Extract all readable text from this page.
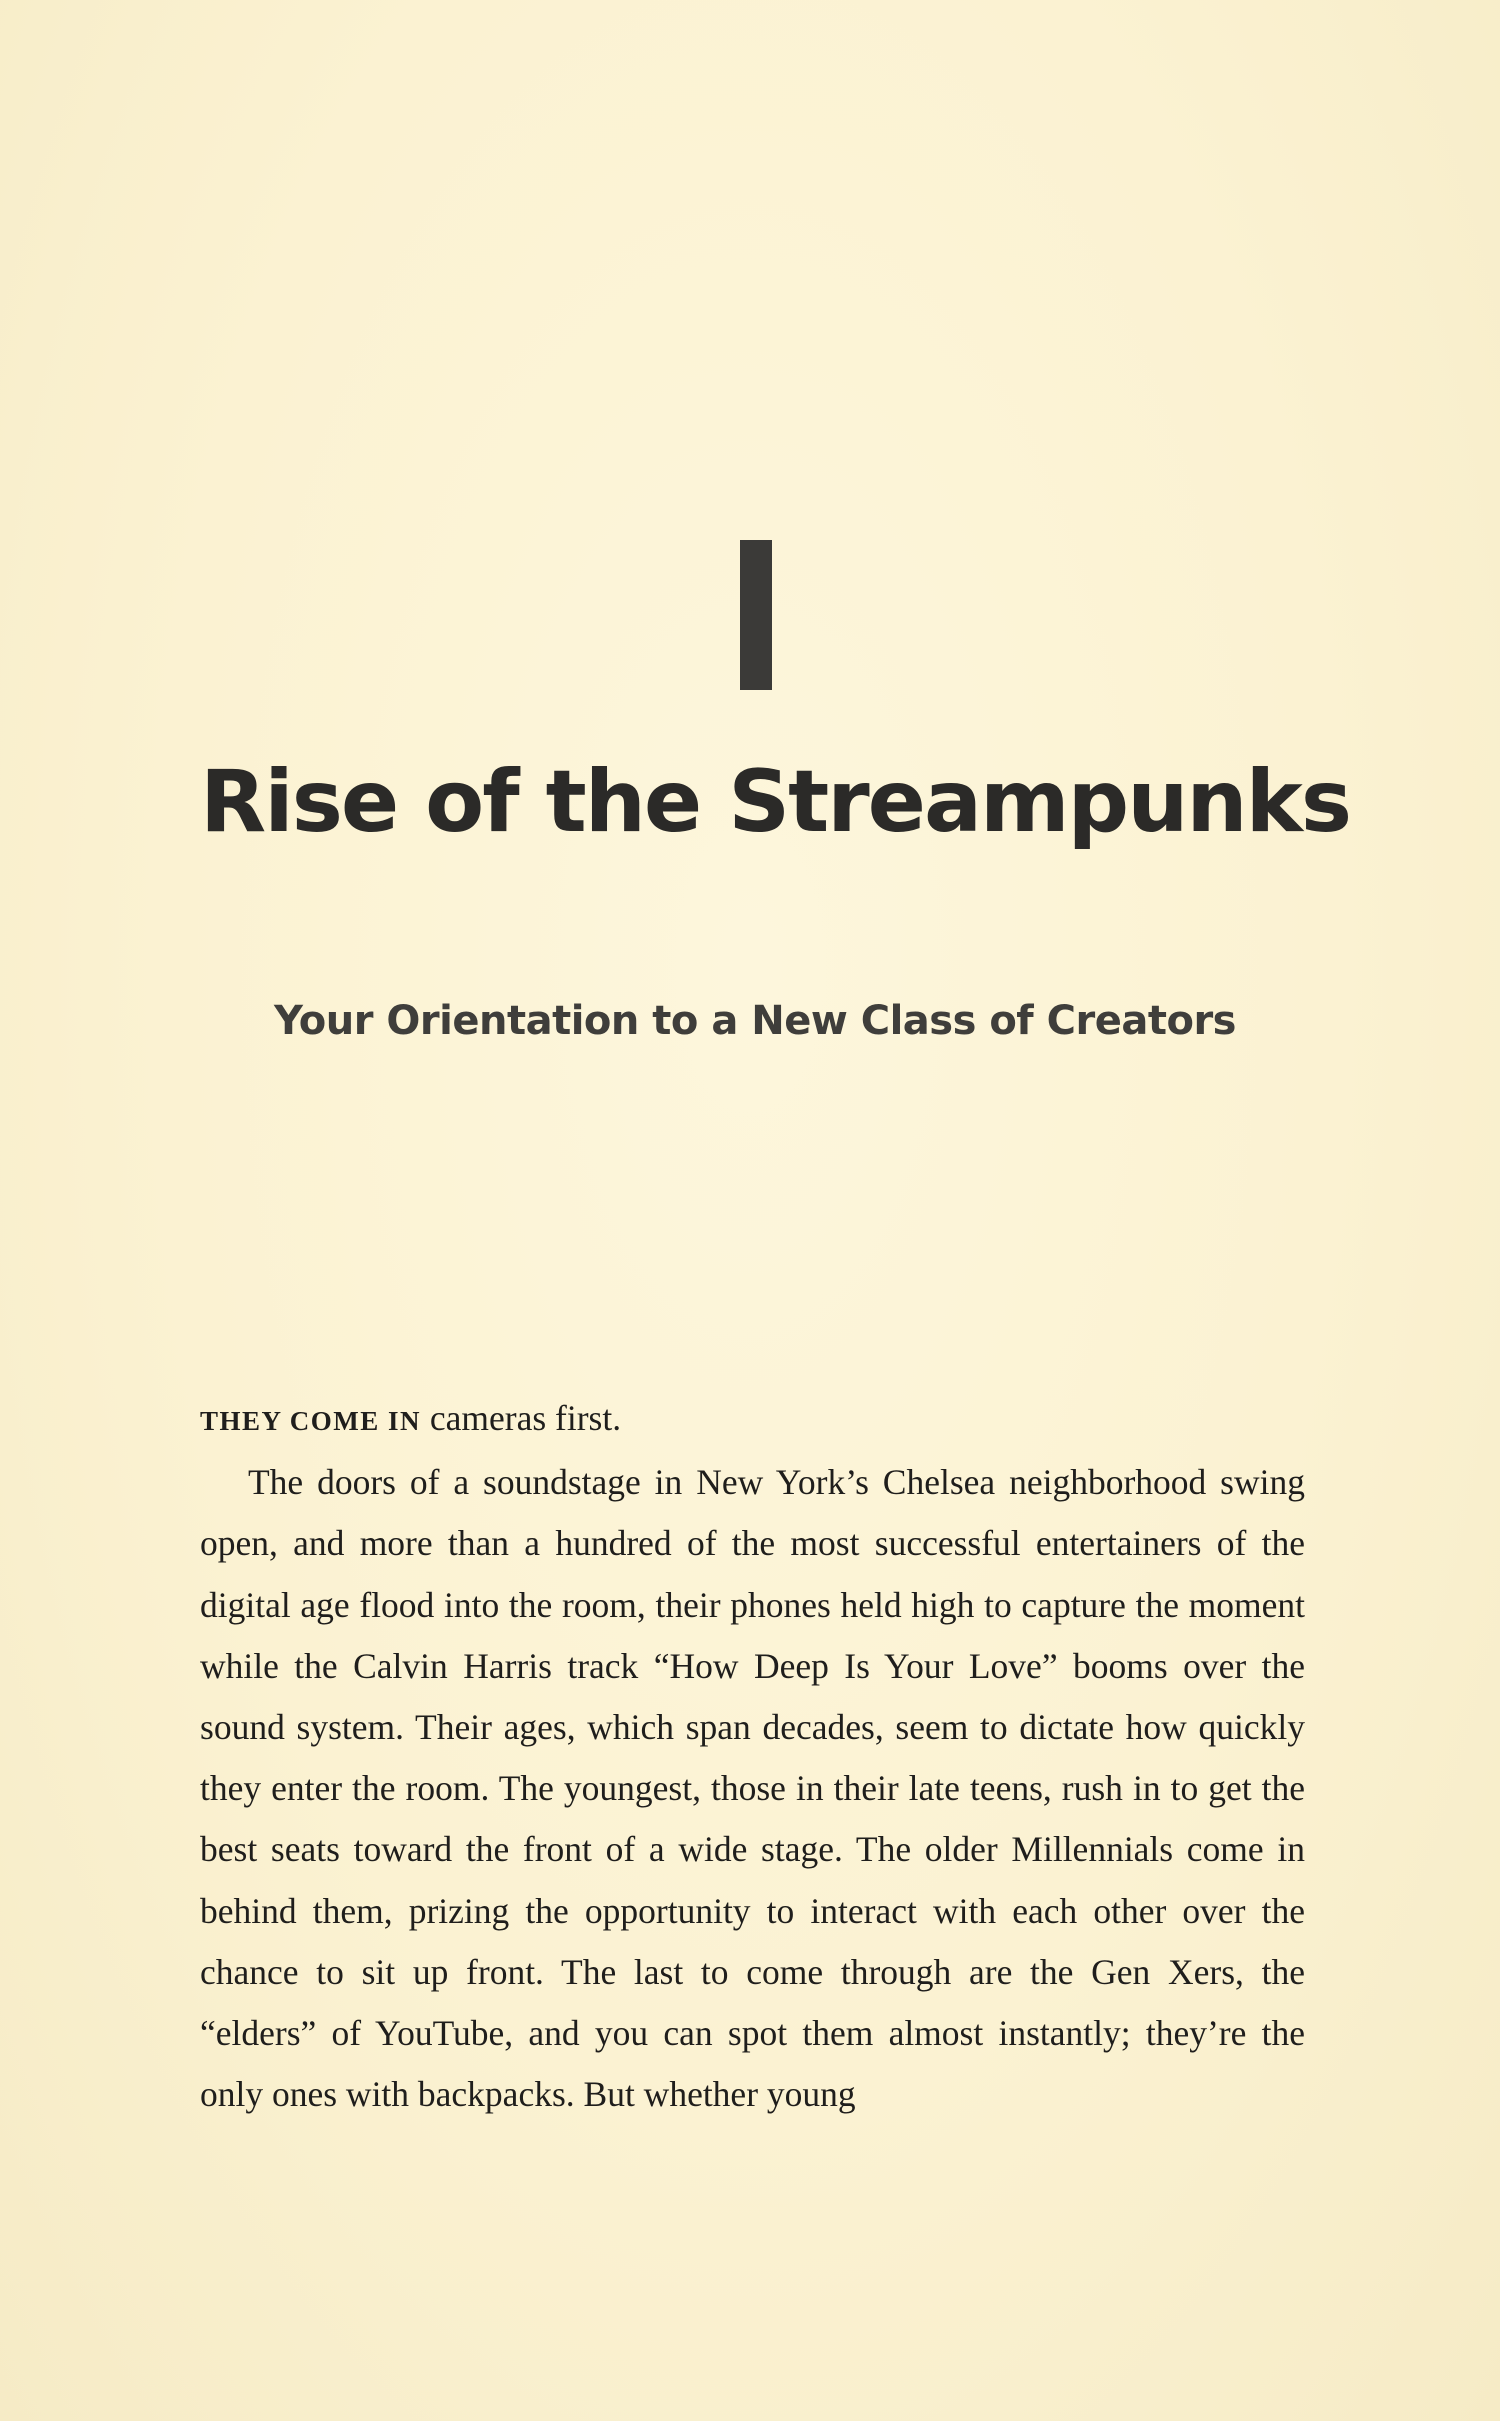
Rise of the Streampunks
Your Orientation to a New Class of Creators

THEY COME IN cameras first.

The doors of a soundstage in New York’s Chelsea neighborhood swing open, and more than a hundred of the most successful entertainers of the digital age flood into the room, their phones held high to capture the moment while the Calvin Harris track “How Deep Is Your Love” booms over the sound system. Their ages, which span decades, seem to dictate how quickly they enter the room. The youngest, those in their late teens, rush in to get the best seats toward the front of a wide stage. The older Millennials come in behind them, prizing the opportunity to interact with each other over the chance to sit up front. The last to come through are the Gen Xers, the “elders” of YouTube, and you can spot them almost instantly; they’re the only ones with backpacks. But whether young
